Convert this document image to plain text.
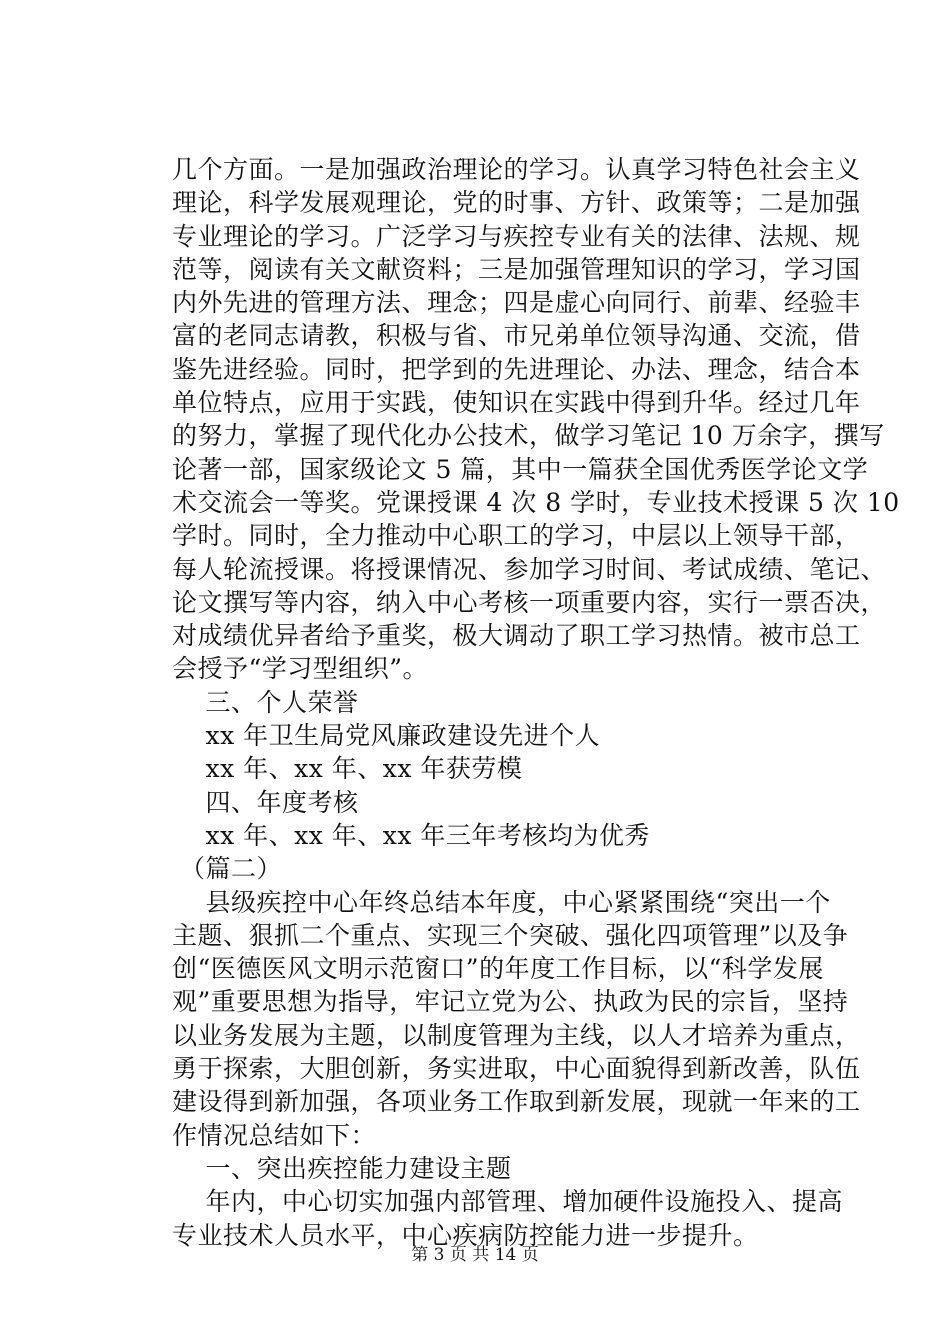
几个方面。一是加强政治理论的学习。认真学习特色社会主义
理论，科学发展观理论，党的时事、方针、政策等；二是加强
专业理论的学习。广泛学习与疾控专业有关的法律、法规、规
范等，阅读有关文献资料；三是加强管理知识的学习，学习国
内外先进的管理方法、理念；四是虚心向同行、前辈、经验丰
富的老同志请教，积极与省、市兄弟单位领导沟通、交流，借
鉴先进经验。同时，把学到的先进理论、办法、理念，结合本
单位特点，应用于实践，使知识在实践中得到升华。经过几年
的努力，掌握了现代化办公技术，做学习笔记 10 万余字，撰写
论著一部，国家级论文 5 篇，其中一篇获全国优秀医学论文学
术交流会一等奖。党课授课 4 次 8 学时，专业技术授课 5 次 10
学时。同时，全力推动中心职工的学习，中层以上领导干部，
每人轮流授课。将授课情况、参加学习时间、考试成绩、笔记、
论文撰写等内容，纳入中心考核一项重要内容，实行一票否决，
对成绩优异者给予重奖，极大调动了职工学习热情。被市总工
会授予“学习型组织”。
　三、个人荣誉
　xx 年卫生局党风廉政建设先进个人
　xx 年、xx 年、xx 年获劳模
　四、年度考核
　xx 年、xx 年、xx 年三年考核均为优秀
（篇二）
　县级疾控中心年终总结本年度，中心紧紧围绕“突出一个
主题、狠抓二个重点、实现三个突破、强化四项管理”以及争
创“医德医风文明示范窗口”的年度工作目标，以“科学发展
观”重要思想为指导，牢记立党为公、执政为民的宗旨，坚持
以业务发展为主题，以制度管理为主线，以人才培养为重点，
勇于探索，大胆创新，务实进取，中心面貌得到新改善，队伍
建设得到新加强，各项业务工作取到新发展，现就一年来的工
作情况总结如下：
　一、突出疾控能力建设主题
　年内，中心切实加强内部管理、增加硬件设施投入、提高
专业技术人员水平，中心疾病防控能力进一步提升。
第 3 页 共 14 页
